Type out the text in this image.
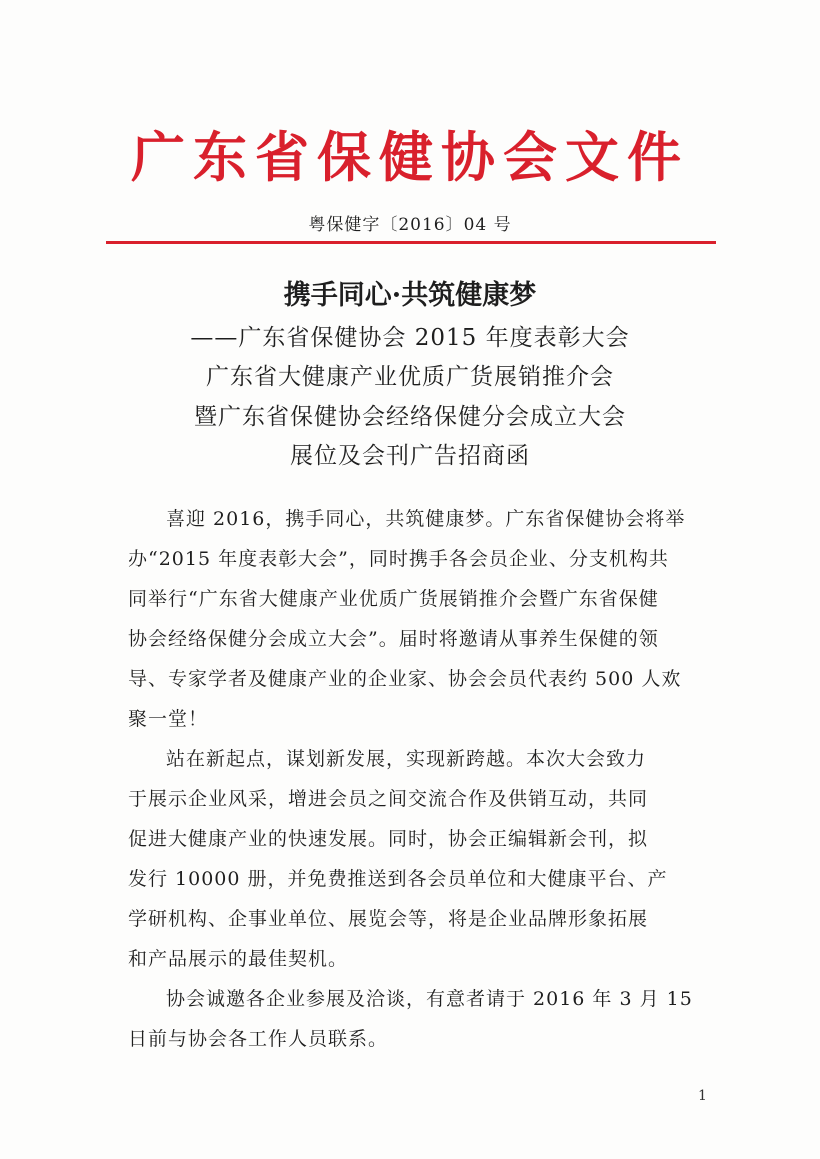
广东省保健协会文件
粤保健字〔2016〕04 号
携手同心·共筑健康梦
——广东省保健协会 2015 年度表彰大会
广东省大健康产业优质广货展销推介会
暨广东省保健协会经络保健分会成立大会
展位及会刊广告招商函
喜迎 2016，携手同心，共筑健康梦。广东省保健协会将举
办“2015 年度表彰大会”，同时携手各会员企业、分支机构共
同举行“广东省大健康产业优质广货展销推介会暨广东省保健
协会经络保健分会成立大会”。届时将邀请从事养生保健的领
导、专家学者及健康产业的企业家、协会会员代表约 500 人欢
聚一堂！
站在新起点，谋划新发展，实现新跨越。本次大会致力
于展示企业风采，增进会员之间交流合作及供销互动，共同
促进大健康产业的快速发展。同时，协会正编辑新会刊，拟
发行 10000 册，并免费推送到各会员单位和大健康平台、产
学研机构、企事业单位、展览会等，将是企业品牌形象拓展
和产品展示的最佳契机。
协会诚邀各企业参展及洽谈，有意者请于 2016 年 3 月 15
日前与协会各工作人员联系。
1
